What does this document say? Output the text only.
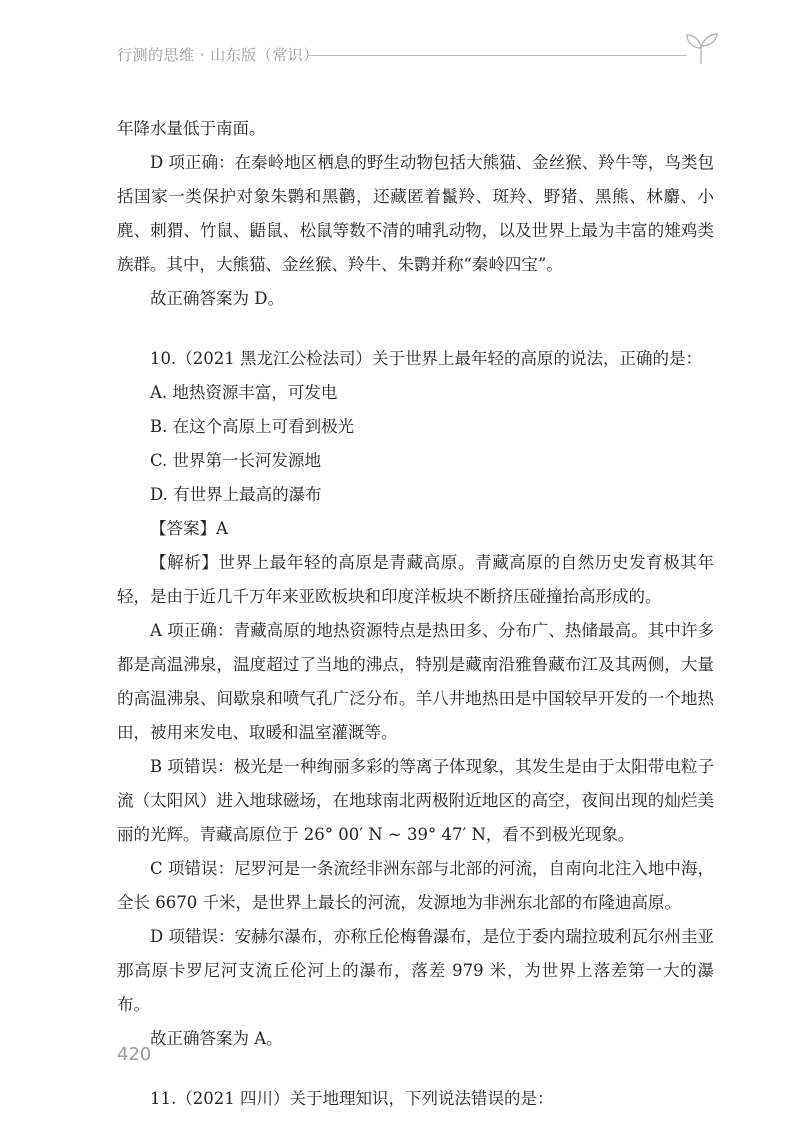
行测的思维 · 山东版（常识）

年降水量低于南面。

D 项正确：在秦岭地区栖息的野生动物包括大熊猫、金丝猴、羚牛等，鸟类包括国家一类保护对象朱鹮和黑鹳，还藏匿着鬣羚、斑羚、野猪、黑熊、林麝、小麂、刺猬、竹鼠、鼯鼠、松鼠等数不清的哺乳动物，以及世界上最为丰富的雉鸡类族群。其中，大熊猫、金丝猴、羚牛、朱鹮并称“秦岭四宝”。

故正确答案为 D。

10.（2021 黑龙江公检法司）关于世界上最年轻的高原的说法，正确的是：

A. 地热资源丰富，可发电

B. 在这个高原上可看到极光

C. 世界第一长河发源地

D. 有世界上最高的瀑布

【答案】A

【解析】世界上最年轻的高原是青藏高原。青藏高原的自然历史发育极其年轻，是由于近几千万年来亚欧板块和印度洋板块不断挤压碰撞抬高形成的。

A 项正确：青藏高原的地热资源特点是热田多、分布广、热储最高。其中许多都是高温沸泉，温度超过了当地的沸点，特别是藏南沿雅鲁藏布江及其两侧，大量的高温沸泉、间歇泉和喷气孔广泛分布。羊八井地热田是中国较早开发的一个地热田，被用来发电、取暖和温室灌溉等。

B 项错误：极光是一种绚丽多彩的等离子体现象，其发生是由于太阳带电粒子流（太阳风）进入地球磁场，在地球南北两极附近地区的高空，夜间出现的灿烂美丽的光辉。青藏高原位于 26° 00′ N ~ 39° 47′ N，看不到极光现象。

C 项错误：尼罗河是一条流经非洲东部与北部的河流，自南向北注入地中海，全长 6670 千米，是世界上最长的河流，发源地为非洲东北部的布隆迪高原。

D 项错误：安赫尔瀑布，亦称丘伦梅鲁瀑布，是位于委内瑞拉玻利瓦尔州圭亚那高原卡罗尼河支流丘伦河上的瀑布，落差 979 米，为世界上落差第一大的瀑布。

故正确答案为 A。

11.（2021 四川）关于地理知识，下列说法错误的是：

420
